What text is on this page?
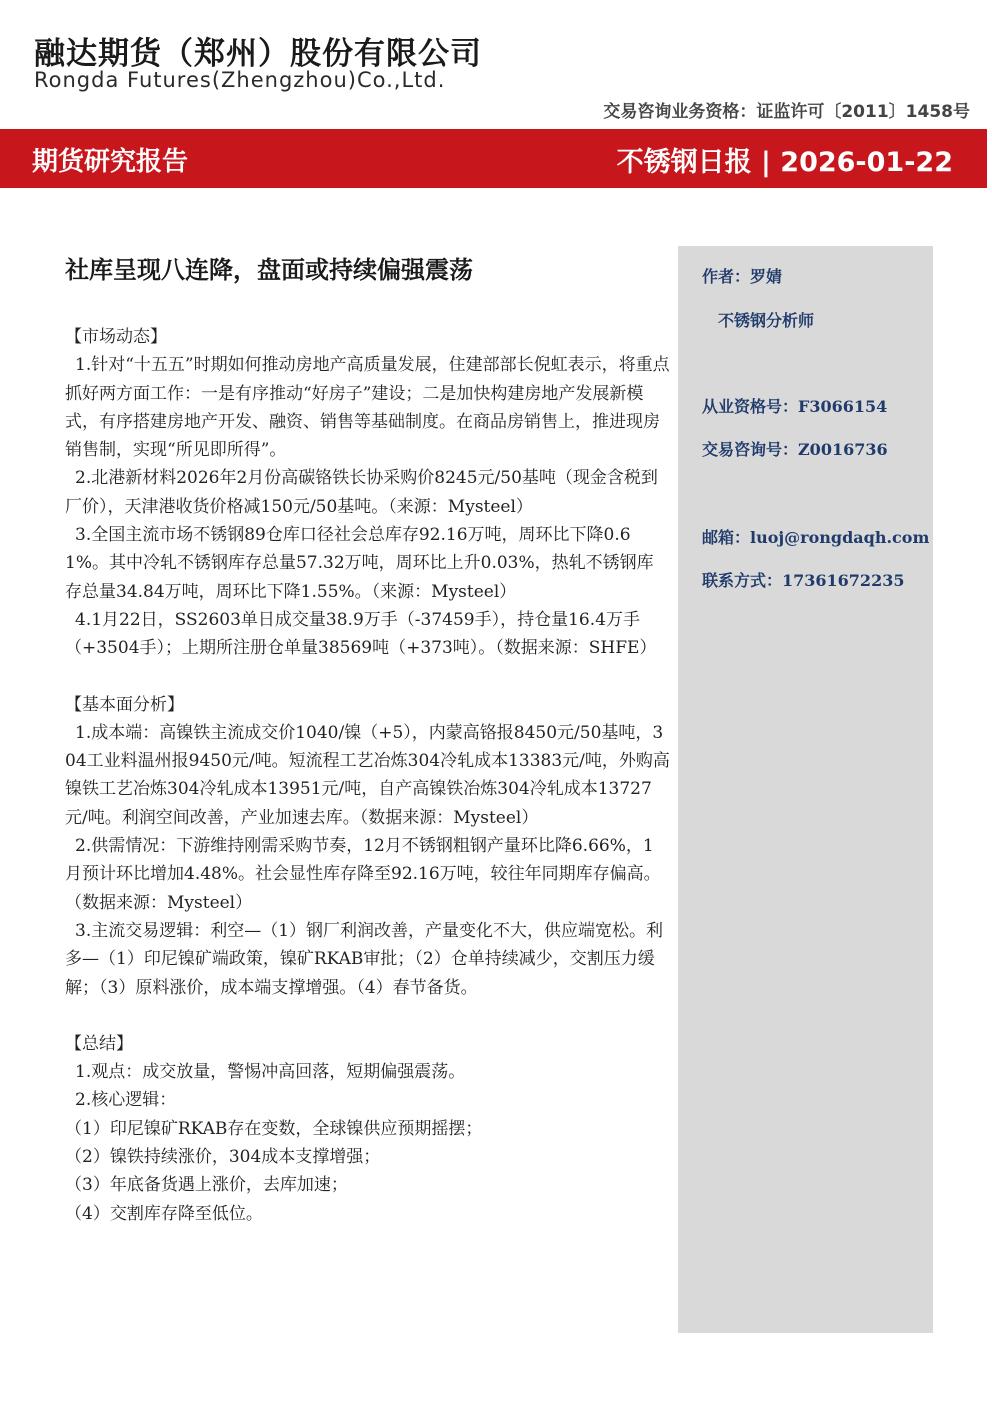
融达期货（郑州）股份有限公司
Rongda Futures(Zhengzhou)Co.,Ltd.
交易咨询业务资格：证监许可〔2011〕1458号
期货研究报告	不锈钢日报 | 2026-01-22
社库呈现八连降，盘面或持续偏强震荡

【市场动态】

1.针对“十五五”时期如何推动房地产高质量发展，住建部部长倪虹表示，将重点抓好两方面工作：一是有序推动“好房子”建设；二是加快构建房地产发展新模式，有序搭建房地产开发、融资、销售等基础制度。在商品房销售上，推进现房销售制，实现“所见即所得”。

2.北港新材料2026年2月份高碳铬铁长协采购价8245元/50基吨（现金含税到厂价），天津港收货价格减150元/50基吨。（来源：Mysteel）

3.全国主流市场不锈钢89仓库口径社会总库存92.16万吨，周环比下降0.61%。其中冷轧不锈钢库存总量57.32万吨，周环比上升0.03%，热轧不锈钢库存总量34.84万吨，周环比下降1.55%。（来源：Mysteel）

4.1月22日，SS2603单日成交量38.9万手（-37459手），持仓量16.4万手（+3504手）；上期所注册仓单量38569吨（+373吨）。（数据来源：SHFE）

【基本面分析】

1.成本端：高镍铁主流成交价1040/镍（+5），内蒙高铬报8450元/50基吨，304工业料温州报9450元/吨。短流程工艺冶炼304冷轧成本13383元/吨，外购高镍铁工艺冶炼304冷轧成本13951元/吨，自产高镍铁冶炼304冷轧成本13727元/吨。利润空间改善，产业加速去库。（数据来源：Mysteel）

2.供需情况：下游维持刚需采购节奏，12月不锈钢粗钢产量环比降6.66%，1月预计环比增加4.48%。社会显性库存降至92.16万吨，较往年同期库存偏高。（数据来源：Mysteel）

3.主流交易逻辑：利空—（1）钢厂利润改善，产量变化不大，供应端宽松。利多—（1）印尼镍矿端政策，镍矿RKAB审批；（2）仓单持续减少，交割压力缓解；（3）原料涨价，成本端支撑增强。（4）春节备货。

【总结】

1.观点：成交放量，警惕冲高回落，短期偏强震荡。

2.核心逻辑：

（1）印尼镍矿RKAB存在变数，全球镍供应预期摇摆；

（2）镍铁持续涨价，304成本支撑增强；

（3）年底备货遇上涨价，去库加速；

（4）交割库存降至低位。

作者：罗婧
不锈钢分析师
从业资格号：F3066154
交易咨询号：Z0016736
邮箱：luoj@rongdaqh.com
联系方式：17361672235
